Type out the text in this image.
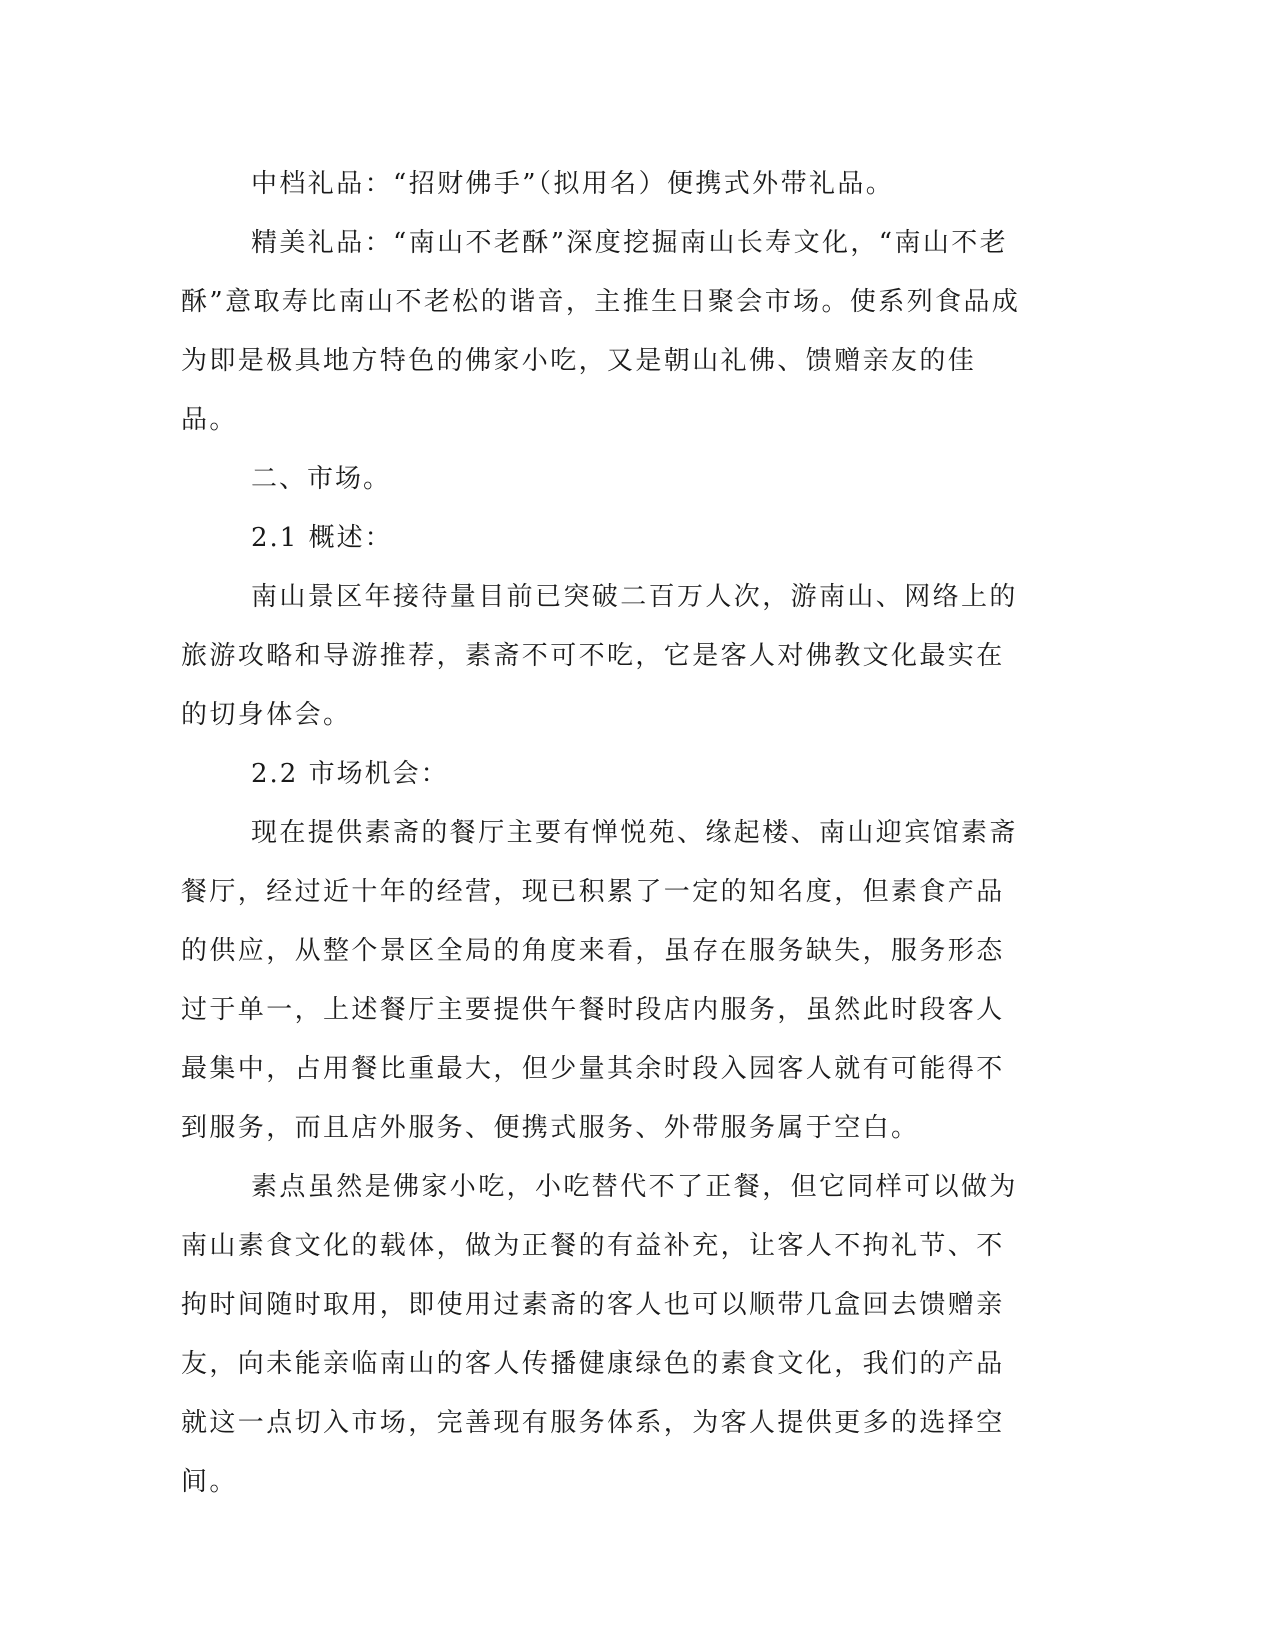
中档礼品：“招财佛手”（拟用名）便携式外带礼品。

精美礼品：“南山不老酥”深度挖掘南山长寿文化，“南山不老酥”意取寿比南山不老松的谐音，主推生日聚会市场。使系列食品成为即是极具地方特色的佛家小吃，又是朝山礼佛、馈赠亲友的佳品。

二、市场。

2.1 概述：

南山景区年接待量目前已突破二百万人次，游南山、网络上的旅游攻略和导游推荐，素斋不可不吃，它是客人对佛教文化最实在的切身体会。

2.2 市场机会：

现在提供素斋的餐厅主要有惮悦苑、缘起楼、南山迎宾馆素斋餐厅，经过近十年的经营，现已积累了一定的知名度，但素食产品的供应，从整个景区全局的角度来看，虽存在服务缺失，服务形态过于单一，上述餐厅主要提供午餐时段店内服务，虽然此时段客人最集中，占用餐比重最大，但少量其余时段入园客人就有可能得不到服务，而且店外服务、便携式服务、外带服务属于空白。

素点虽然是佛家小吃，小吃替代不了正餐，但它同样可以做为南山素食文化的载体，做为正餐的有益补充，让客人不拘礼节、不拘时间随时取用，即使用过素斋的客人也可以顺带几盒回去馈赠亲友，向未能亲临南山的客人传播健康绿色的素食文化，我们的产品就这一点切入市场，完善现有服务体系，为客人提供更多的选择空间。
